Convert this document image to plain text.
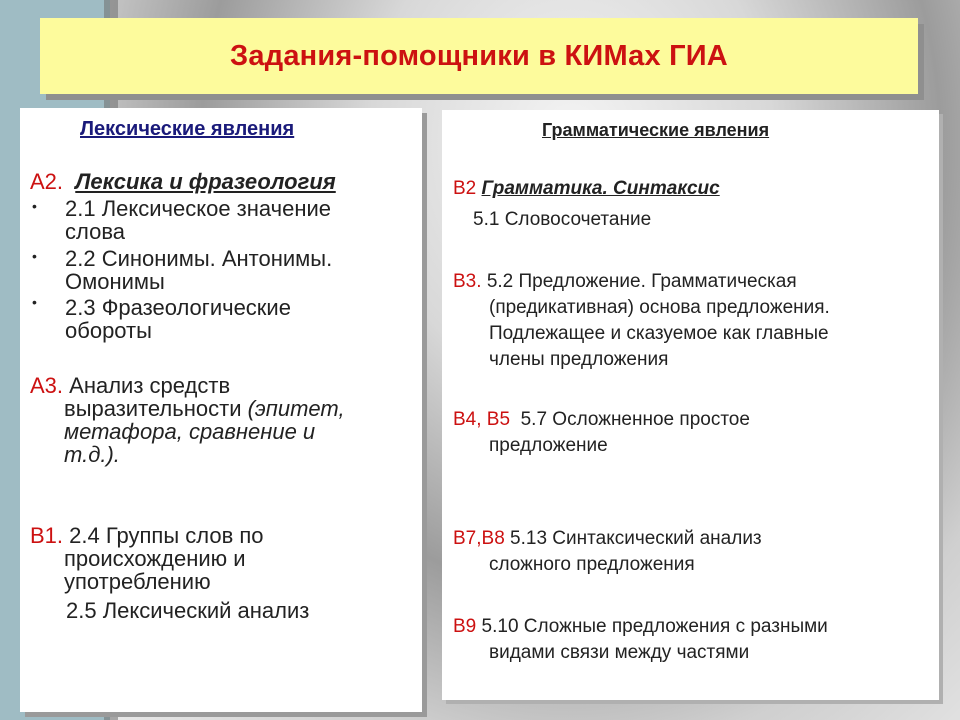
Задания-помощники в КИМах ГИА
Лексические явления
А2. Лексика и фразеология
• 2.1 Лексическое значение
слова
• 2.2 Синонимы. Антонимы.
Омонимы
• 2.3 Фразеологические
обороты
А3. Анализ средств
выразительности (эпитет,
метафора, сравнение и
т.д.).
В1. 2.4 Группы слов по
происхождению и
употреблению
2.5 Лексический анализ
Грамматические явления
В2 Грамматика. Синтаксис
5.1 Словосочетание
В3. 5.2 Предложение. Грамматическая
(предикативная) основа предложения.
Подлежащее и сказуемое как главные
члены предложения
В4, В5 5.7 Осложненное простое
предложение
В7,В8 5.13 Синтаксический анализ
сложного предложения
В9 5.10 Сложные предложения с разными
видами связи между частями
